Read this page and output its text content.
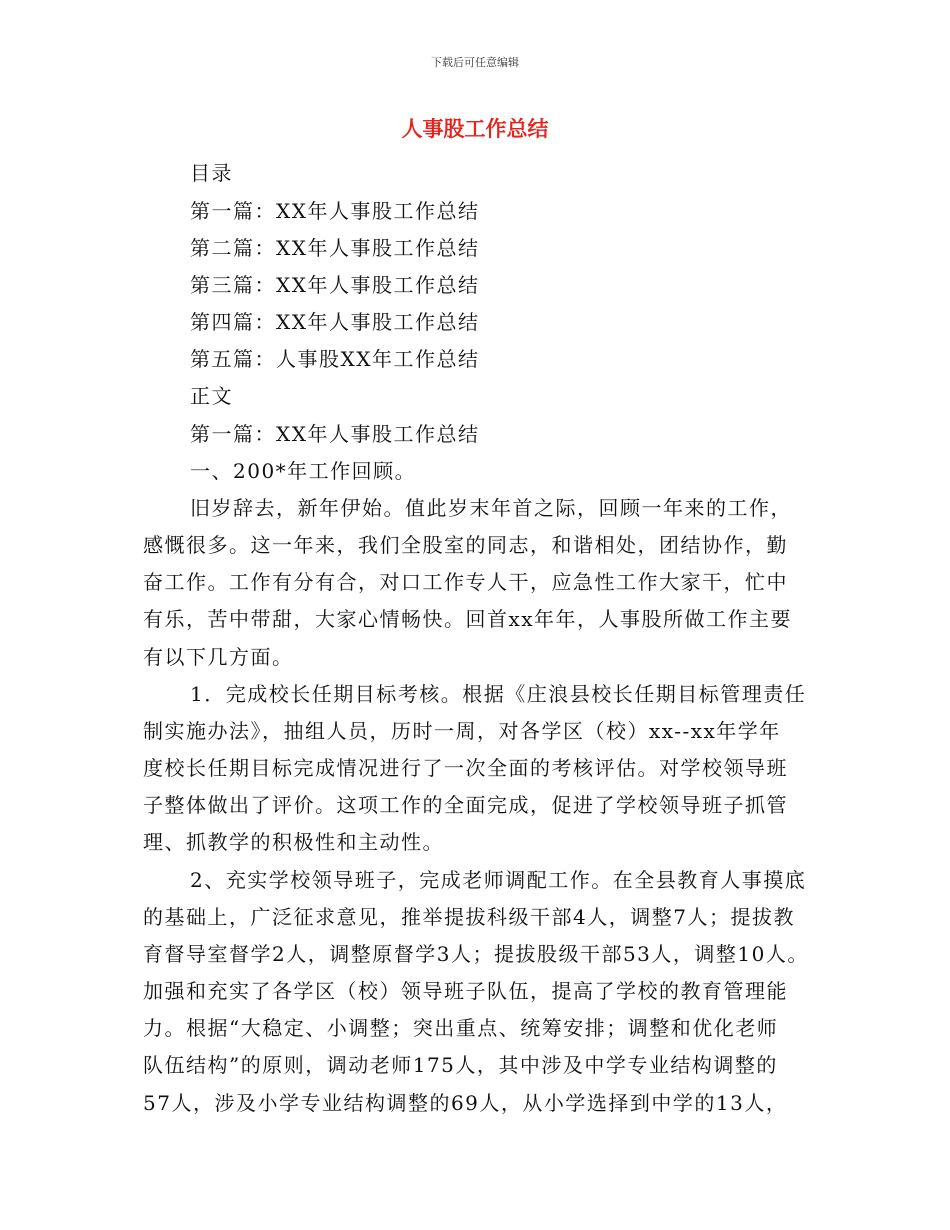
下载后可任意编辑
人事股工作总结
目录
第一篇：XX年人事股工作总结
第二篇：XX年人事股工作总结
第三篇：XX年人事股工作总结
第四篇：XX年人事股工作总结
第五篇：人事股XX年工作总结
正文
第一篇：XX年人事股工作总结
一、200*年工作回顾。
旧岁辞去，新年伊始。值此岁末年首之际，回顾一年来的工作，
感慨很多。这一年来，我们全股室的同志，和谐相处，团结协作，勤
奋工作。工作有分有合，对口工作专人干，应急性工作大家干，忙中
有乐，苦中带甜，大家心情畅快。回首xx年年，人事股所做工作主要
有以下几方面。
1．完成校长任期目标考核。根据《庄浪县校长任期目标管理责任
制实施办法》，抽组人员，历时一周，对各学区（校）xx--xx年学年
度校长任期目标完成情况进行了一次全面的考核评估。对学校领导班
子整体做出了评价。这项工作的全面完成，促进了学校领导班子抓管
理、抓教学的积极性和主动性。
2、充实学校领导班子，完成老师调配工作。在全县教育人事摸底
的基础上，广泛征求意见，推举提拔科级干部4人，调整7人；提拔教
育督导室督学2人，调整原督学3人；提拔股级干部53人，调整10人。
加强和充实了各学区（校）领导班子队伍，提高了学校的教育管理能
力。根据“大稳定、小调整；突出重点、统筹安排；调整和优化老师
队伍结构”的原则，调动老师175人，其中涉及中学专业结构调整的
57人，涉及小学专业结构调整的69人，从小学选择到中学的13人，
